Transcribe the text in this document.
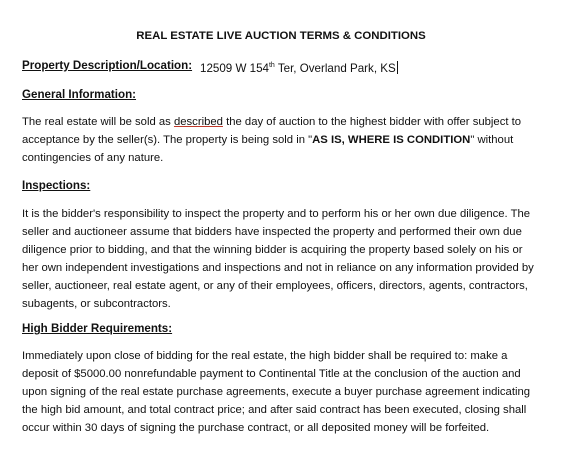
REAL ESTATE LIVE AUCTION TERMS & CONDITIONS
Property Description/Location: 12509 W 154th Ter, Overland Park, KS
General Information:
The real estate will be sold as described the day of auction to the highest bidder with offer subject to
acceptance by the seller(s). The property is being sold in "AS IS, WHERE IS CONDITION" without
contingencies of any nature.
Inspections:
It is the bidder's responsibility to inspect the property and to perform his or her own due diligence. The
seller and auctioneer assume that bidders have inspected the property and performed their own due
diligence prior to bidding, and that the winning bidder is acquiring the property based solely on his or
her own independent investigations and inspections and not in reliance on any information provided by
seller, auctioneer, real estate agent, or any of their employees, officers, directors, agents, contractors,
subagents, or subcontractors.
High Bidder Requirements:
Immediately upon close of bidding for the real estate, the high bidder shall be required to: make a
deposit of $5000.00 nonrefundable payment to Continental Title at the conclusion of the auction and
upon signing of the real estate purchase agreements, execute a buyer purchase agreement indicating
the high bid amount, and total contract price; and after said contract has been executed, closing shall
occur within 30 days of signing the purchase contract, or all deposited money will be forfeited.
